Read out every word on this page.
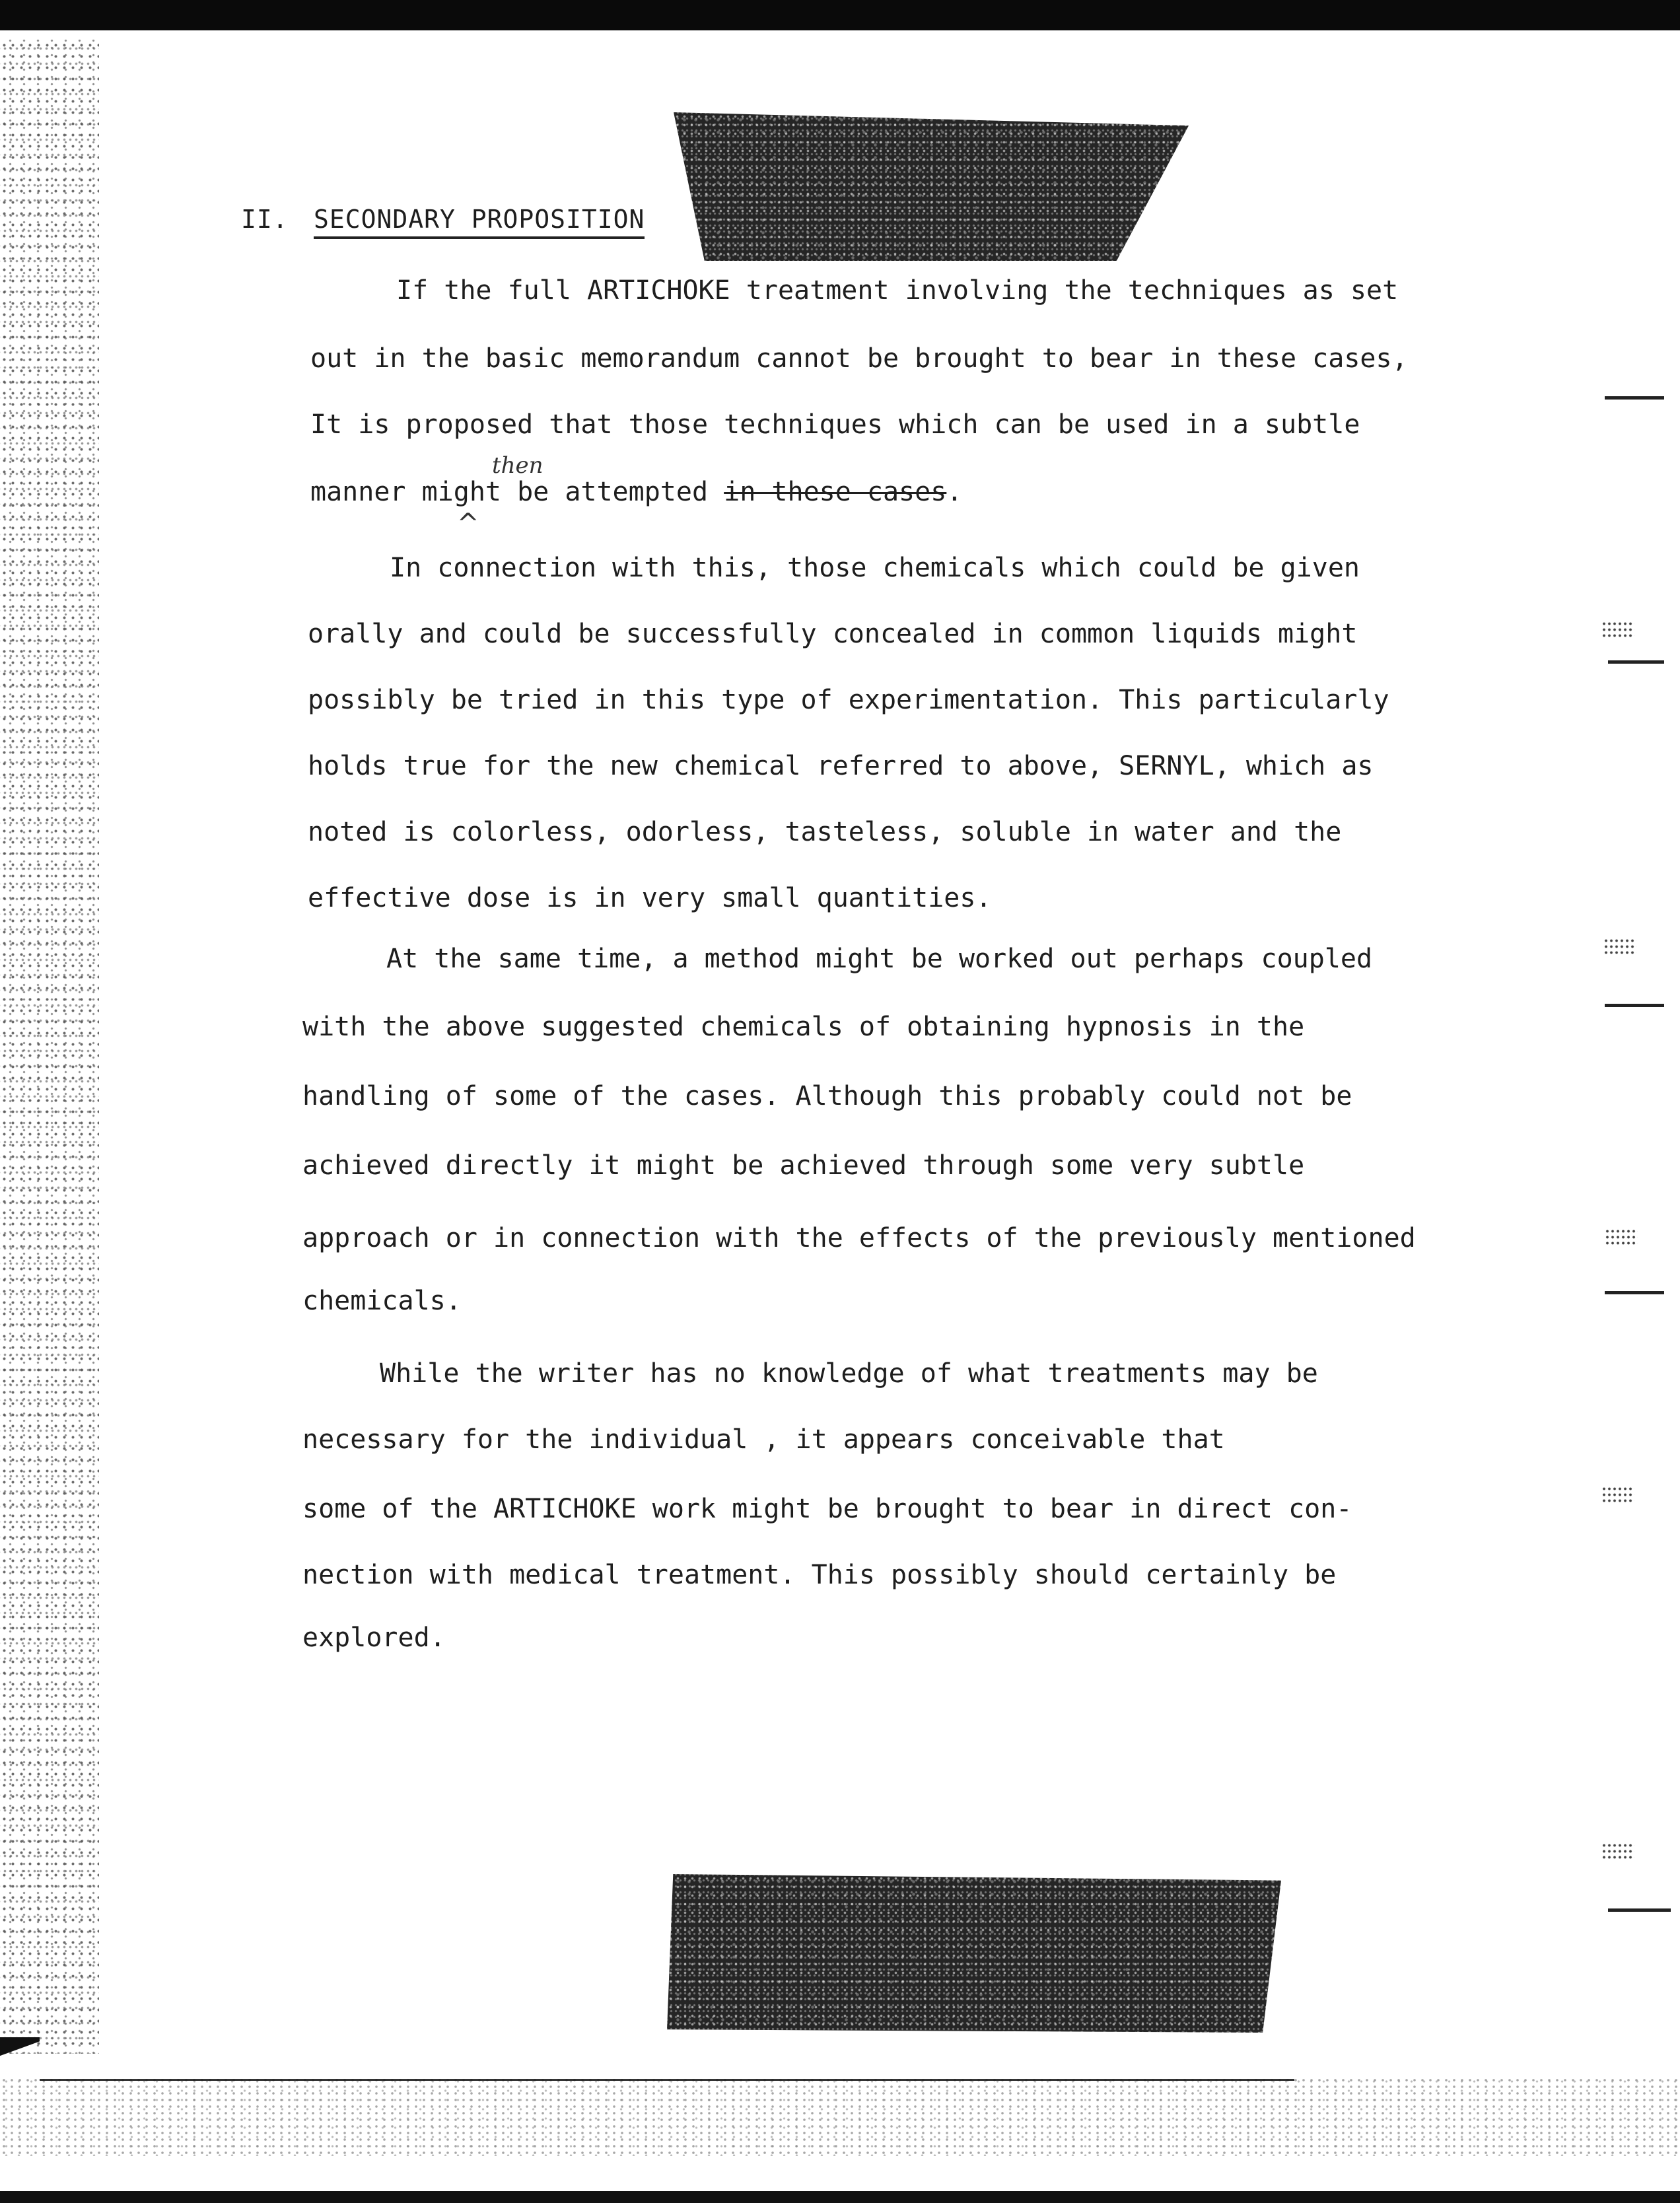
II. SECONDARY PROPOSITION
If the full ARTICHOKE treatment involving the techniques as set
out in the basic memorandum cannot be brought to bear in these cases,
It is proposed that those techniques which can be used in a subtle
then
^
manner might be attempted in these cases.
In connection with this, those chemicals which could be given
orally and could be successfully concealed in common liquids might
possibly be tried in this type of experimentation. This particularly
holds true for the new chemical referred to above, SERNYL, which as
noted is colorless, odorless, tasteless, soluble in water and the
effective dose is in very small quantities.
At the same time, a method might be worked out perhaps coupled
with the above suggested chemicals of obtaining hypnosis in the
handling of some of the cases. Although this probably could not be
achieved directly it might be achieved through some very subtle
approach or in connection with the effects of the previously mentioned
chemicals.
While the writer has no knowledge of what treatments may be
necessary for the individual , it appears conceivable that
some of the ARTICHOKE work might be brought to bear in direct con-
nection with medical treatment. This possibly should certainly be
explored.
